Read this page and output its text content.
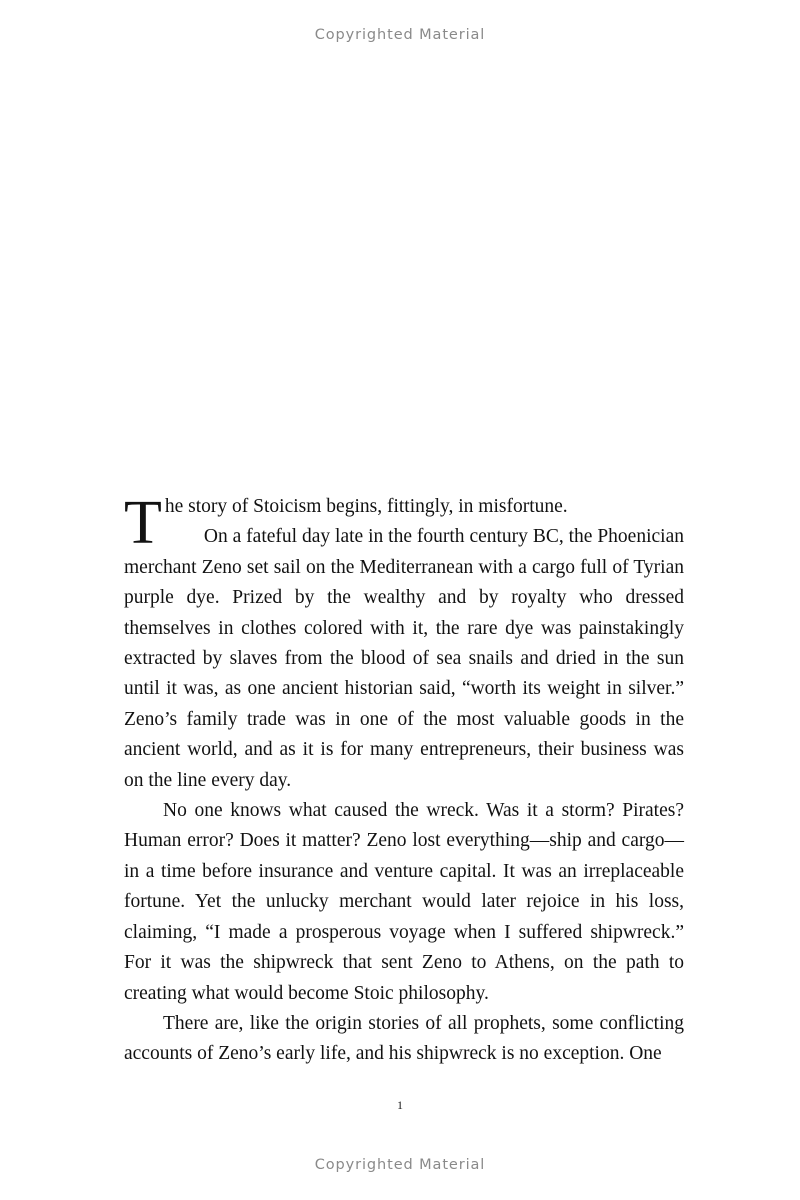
Copyrighted Material

The story of Stoicism begins, fittingly, in misfortune.

On a fateful day late in the fourth century BC, the Phoenician merchant Zeno set sail on the Mediterranean with a cargo full of Tyrian purple dye. Prized by the wealthy and by royalty who dressed themselves in clothes colored with it, the rare dye was painstakingly extracted by slaves from the blood of sea snails and dried in the sun until it was, as one ancient historian said, “worth its weight in silver.” Zeno’s family trade was in one of the most valuable goods in the ancient world, and as it is for many entrepreneurs, their business was on the line every day.

No one knows what caused the wreck. Was it a storm? Pirates? Human error? Does it matter? Zeno lost everything—ship and cargo—in a time before insurance and venture capital. It was an irreplaceable fortune. Yet the unlucky merchant would later rejoice in his loss, claiming, “I made a prosperous voyage when I suffered shipwreck.” For it was the shipwreck that sent Zeno to Athens, on the path to creating what would become Stoic philosophy.

There are, like the origin stories of all prophets, some conflicting accounts of Zeno’s early life, and his shipwreck is no exception. One

1
Copyrighted Material
